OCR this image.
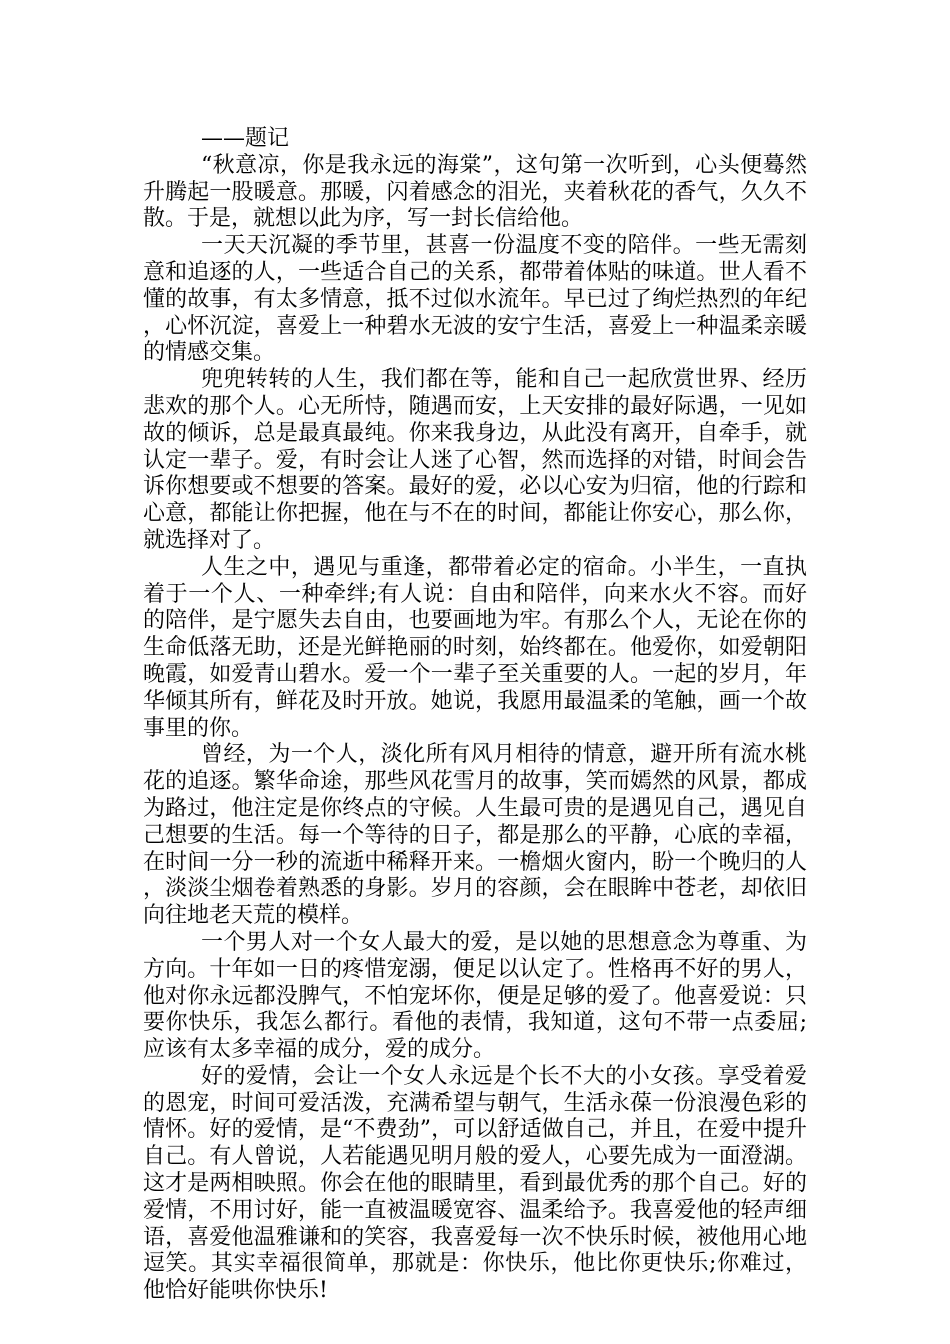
——题记

“秋意凉，你是我永远的海棠”，这句第一次听到，心头便蓦然升腾起一股暖意。那暖，闪着感念的泪光，夹着秋花的香气，久久不散。于是，就想以此为序，写一封长信给他。

一天天沉凝的季节里，甚喜一份温度不变的陪伴。一些无需刻意和追逐的人，一些适合自己的关系，都带着体贴的味道。世人看不懂的故事，有太多情意，抵不过似水流年。早已过了绚烂热烈的年纪，心怀沉淀，喜爱上一种碧水无波的安宁生活，喜爱上一种温柔亲暖的情感交集。

兜兜转转的人生，我们都在等，能和自己一起欣赏世界、经历悲欢的那个人。心无所恃，随遇而安，上天安排的最好际遇，一见如故的倾诉，总是最真最纯。你来我身边，从此没有离开，自牵手，就认定一辈子。爱，有时会让人迷了心智，然而选择的对错，时间会告诉你想要或不想要的答案。最好的爱，必以心安为归宿，他的行踪和心意，都能让你把握，他在与不在的时间，都能让你安心，那么你，就选择对了。

人生之中，遇见与重逢，都带着必定的宿命。小半生，一直执着于一个人、一种牵绊;有人说：自由和陪伴，向来水火不容。而好的陪伴，是宁愿失去自由，也要画地为牢。有那么个人，无论在你的生命低落无助，还是光鲜艳丽的时刻，始终都在。他爱你，如爱朝阳晚霞，如爱青山碧水。爱一个一辈子至关重要的人。一起的岁月，年华倾其所有，鲜花及时开放。她说，我愿用最温柔的笔触，画一个故事里的你。

曾经，为一个人，淡化所有风月相待的情意，避开所有流水桃花的追逐。繁华命途，那些风花雪月的故事，笑而嫣然的风景，都成为路过，他注定是你终点的守候。人生最可贵的是遇见自己，遇见自己想要的生活。每一个等待的日子，都是那么的平静，心底的幸福，在时间一分一秒的流逝中稀释开来。一檐烟火窗内，盼一个晚归的人，淡淡尘烟卷着熟悉的身影。岁月的容颜，会在眼眸中苍老，却依旧向往地老天荒的模样。

一个男人对一个女人最大的爱，是以她的思想意念为尊重、为方向。十年如一日的疼惜宠溺，便足以认定了。性格再不好的男人，他对你永远都没脾气，不怕宠坏你，便是足够的爱了。他喜爱说：只要你快乐，我怎么都行。看他的表情，我知道，这句不带一点委屈;应该有太多幸福的成分，爱的成分。

好的爱情，会让一个女人永远是个长不大的小女孩。享受着爱的恩宠，时间可爱活泼，充满希望与朝气，生活永葆一份浪漫色彩的情怀。好的爱情，是“不费劲”，可以舒适做自己，并且，在爱中提升自己。有人曾说，人若能遇见明月般的爱人，心要先成为一面澄湖。这才是两相映照。你会在他的眼睛里，看到最优秀的那个自己。好的爱情，不用讨好，能一直被温暖宽容、温柔给予。我喜爱他的轻声细语，喜爱他温雅谦和的笑容，我喜爱每一次不快乐时候，被他用心地逗笑。其实幸福很简单，那就是：你快乐，他比你更快乐;你难过，他恰好能哄你快乐!
